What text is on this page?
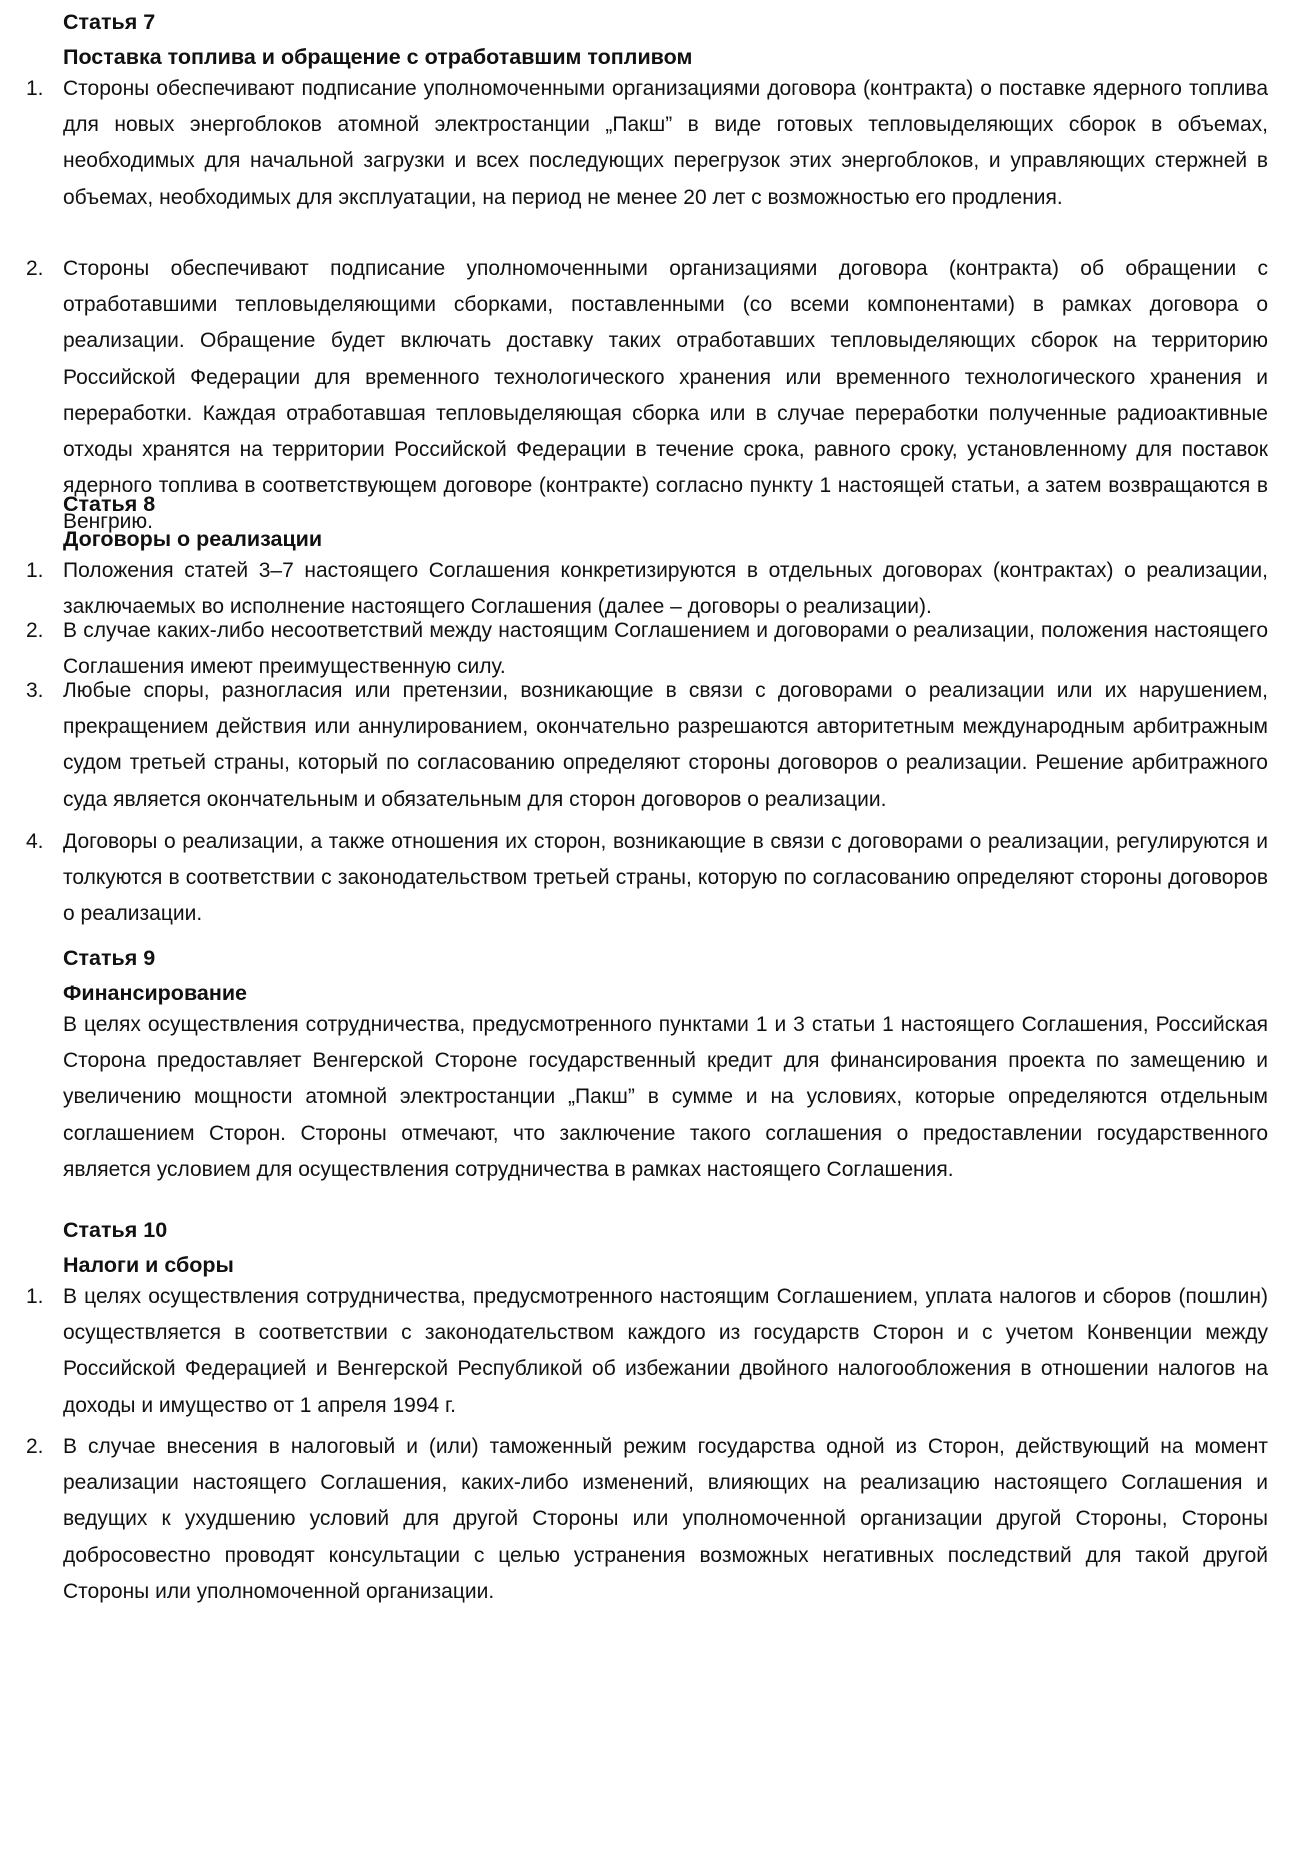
Статья 7
Поставка топлива и обращение с отработавшим топливом
1. Стороны обеспечивают подписание уполномоченными организациями договора (контракта) о поставке ядерного топлива для новых энергоблоков атомной электростанции „Пакш” в виде готовых тепловыделяющих сборок в объемах, необходимых для начальной загрузки и всех последующих перегрузок этих энергоблоков, и управляющих стержней в объемах, необходимых для эксплуатации, на период не менее 20 лет с возможностью его продления.

2. Стороны обеспечивают подписание уполномоченными организациями договора (контракта) об обращении с отработавшими тепловыделяющими сборками, поставленными (со всеми компонентами) в рамках договора о реализации. Обращение будет включать доставку таких отработавших тепловыделяющих сборок на территорию Российской Федерации для временного технологического хранения или временного технологического хранения и переработки. Каждая отработавшая тепловыделяющая сборка или в случае переработки полученные радиоактивные отходы хранятся на территории Российской Федерации в течение срока, равного сроку, установленному для поставок ядерного топлива в соответствующем договоре (контракте) согласно пункту 1 настоящей статьи, а затем возвращаются в Венгрию.

Статья 8
Договоры о реализации
1. Положения статей 3–7 настоящего Соглашения конкретизируются в отдельных договорах (контрактах) о реализации, заключаемых во исполнение настоящего Соглашения (далее – договоры о реализации).

2. В случае каких-либо несоответствий между настоящим Соглашением и договорами о реализации, положения настоящего Соглашения имеют преимущественную силу.

3. Любые споры, разногласия или претензии, возникающие в связи с договорами о реализации или их нарушением, прекращением действия или аннулированием, окончательно разрешаются авторитетным международным арбитражным судом третьей страны, который по согласованию определяют стороны договоров о реализации. Решение арбитражного суда является окончательным и обязательным для сторон договоров о реализации.

4. Договоры о реализации, а также отношения их сторон, возникающие в связи с договорами о реализации, регулируются и толкуются в соответствии с законодательством третьей страны, которую по согласованию определяют стороны договоров о реализации.

Статья 9
Финансирование

В целях осуществления сотрудничества, предусмотренного пунктами 1 и 3 статьи 1 настоящего Соглашения, Российская Сторона предоставляет Венгерской Стороне государственный кредит для финансирования проекта по замещению и увеличению мощности атомной электростанции „Пакш” в сумме и на условиях, которые определяются отдельным соглашением Сторон. Стороны отмечают, что заключение такого соглашения о предоставлении государственного является условием для осуществления сотрудничества в рамках настоящего Соглашения.

Статья 10
Налоги и сборы
1. В целях осуществления сотрудничества, предусмотренного настоящим Соглашением, уплата налогов и сборов (пошлин) осуществляется в соответствии с законодательством каждого из государств Сторон и с учетом Конвенции между Российской Федерацией и Венгерской Республикой об избежании двойного налогообложения в отношении налогов на доходы и имущество от 1 апреля 1994 г.

2. В случае внесения в налоговый и (или) таможенный режим государства одной из Сторон, действующий на момент реализации настоящего Соглашения, каких-либо изменений, влияющих на реализацию настоящего Соглашения и ведущих к ухудшению условий для другой Стороны или уполномоченной организации другой Стороны, Стороны добросовестно проводят консультации с целью устранения возможных негативных последствий для такой другой Стороны или уполномоченной организации.
